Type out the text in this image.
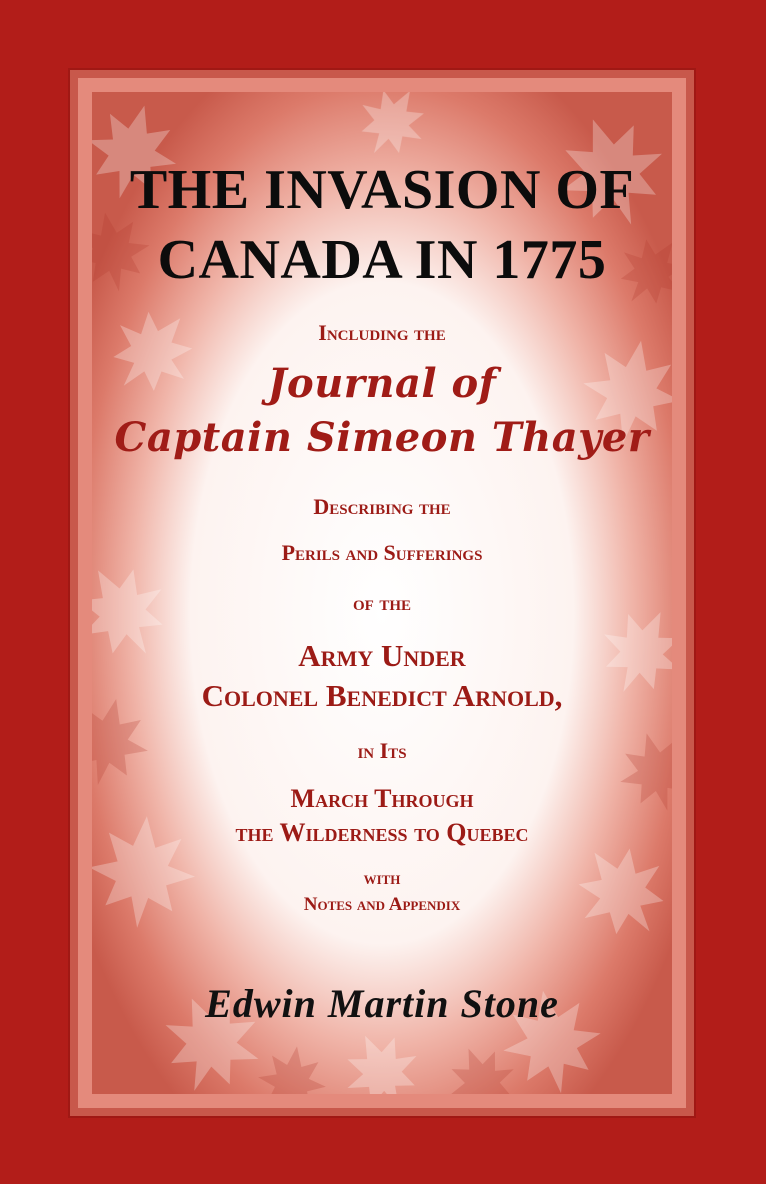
THE INVASION OF
CANADA IN 1775
Including the
Journal of
Captain Simeon Thayer
Describing the
Perils and Sufferings
of the
Army Under
Colonel Benedict Arnold,
in Its
March Through
the Wilderness to Quebec
with
Notes and Appendix
Edwin Martin Stone
